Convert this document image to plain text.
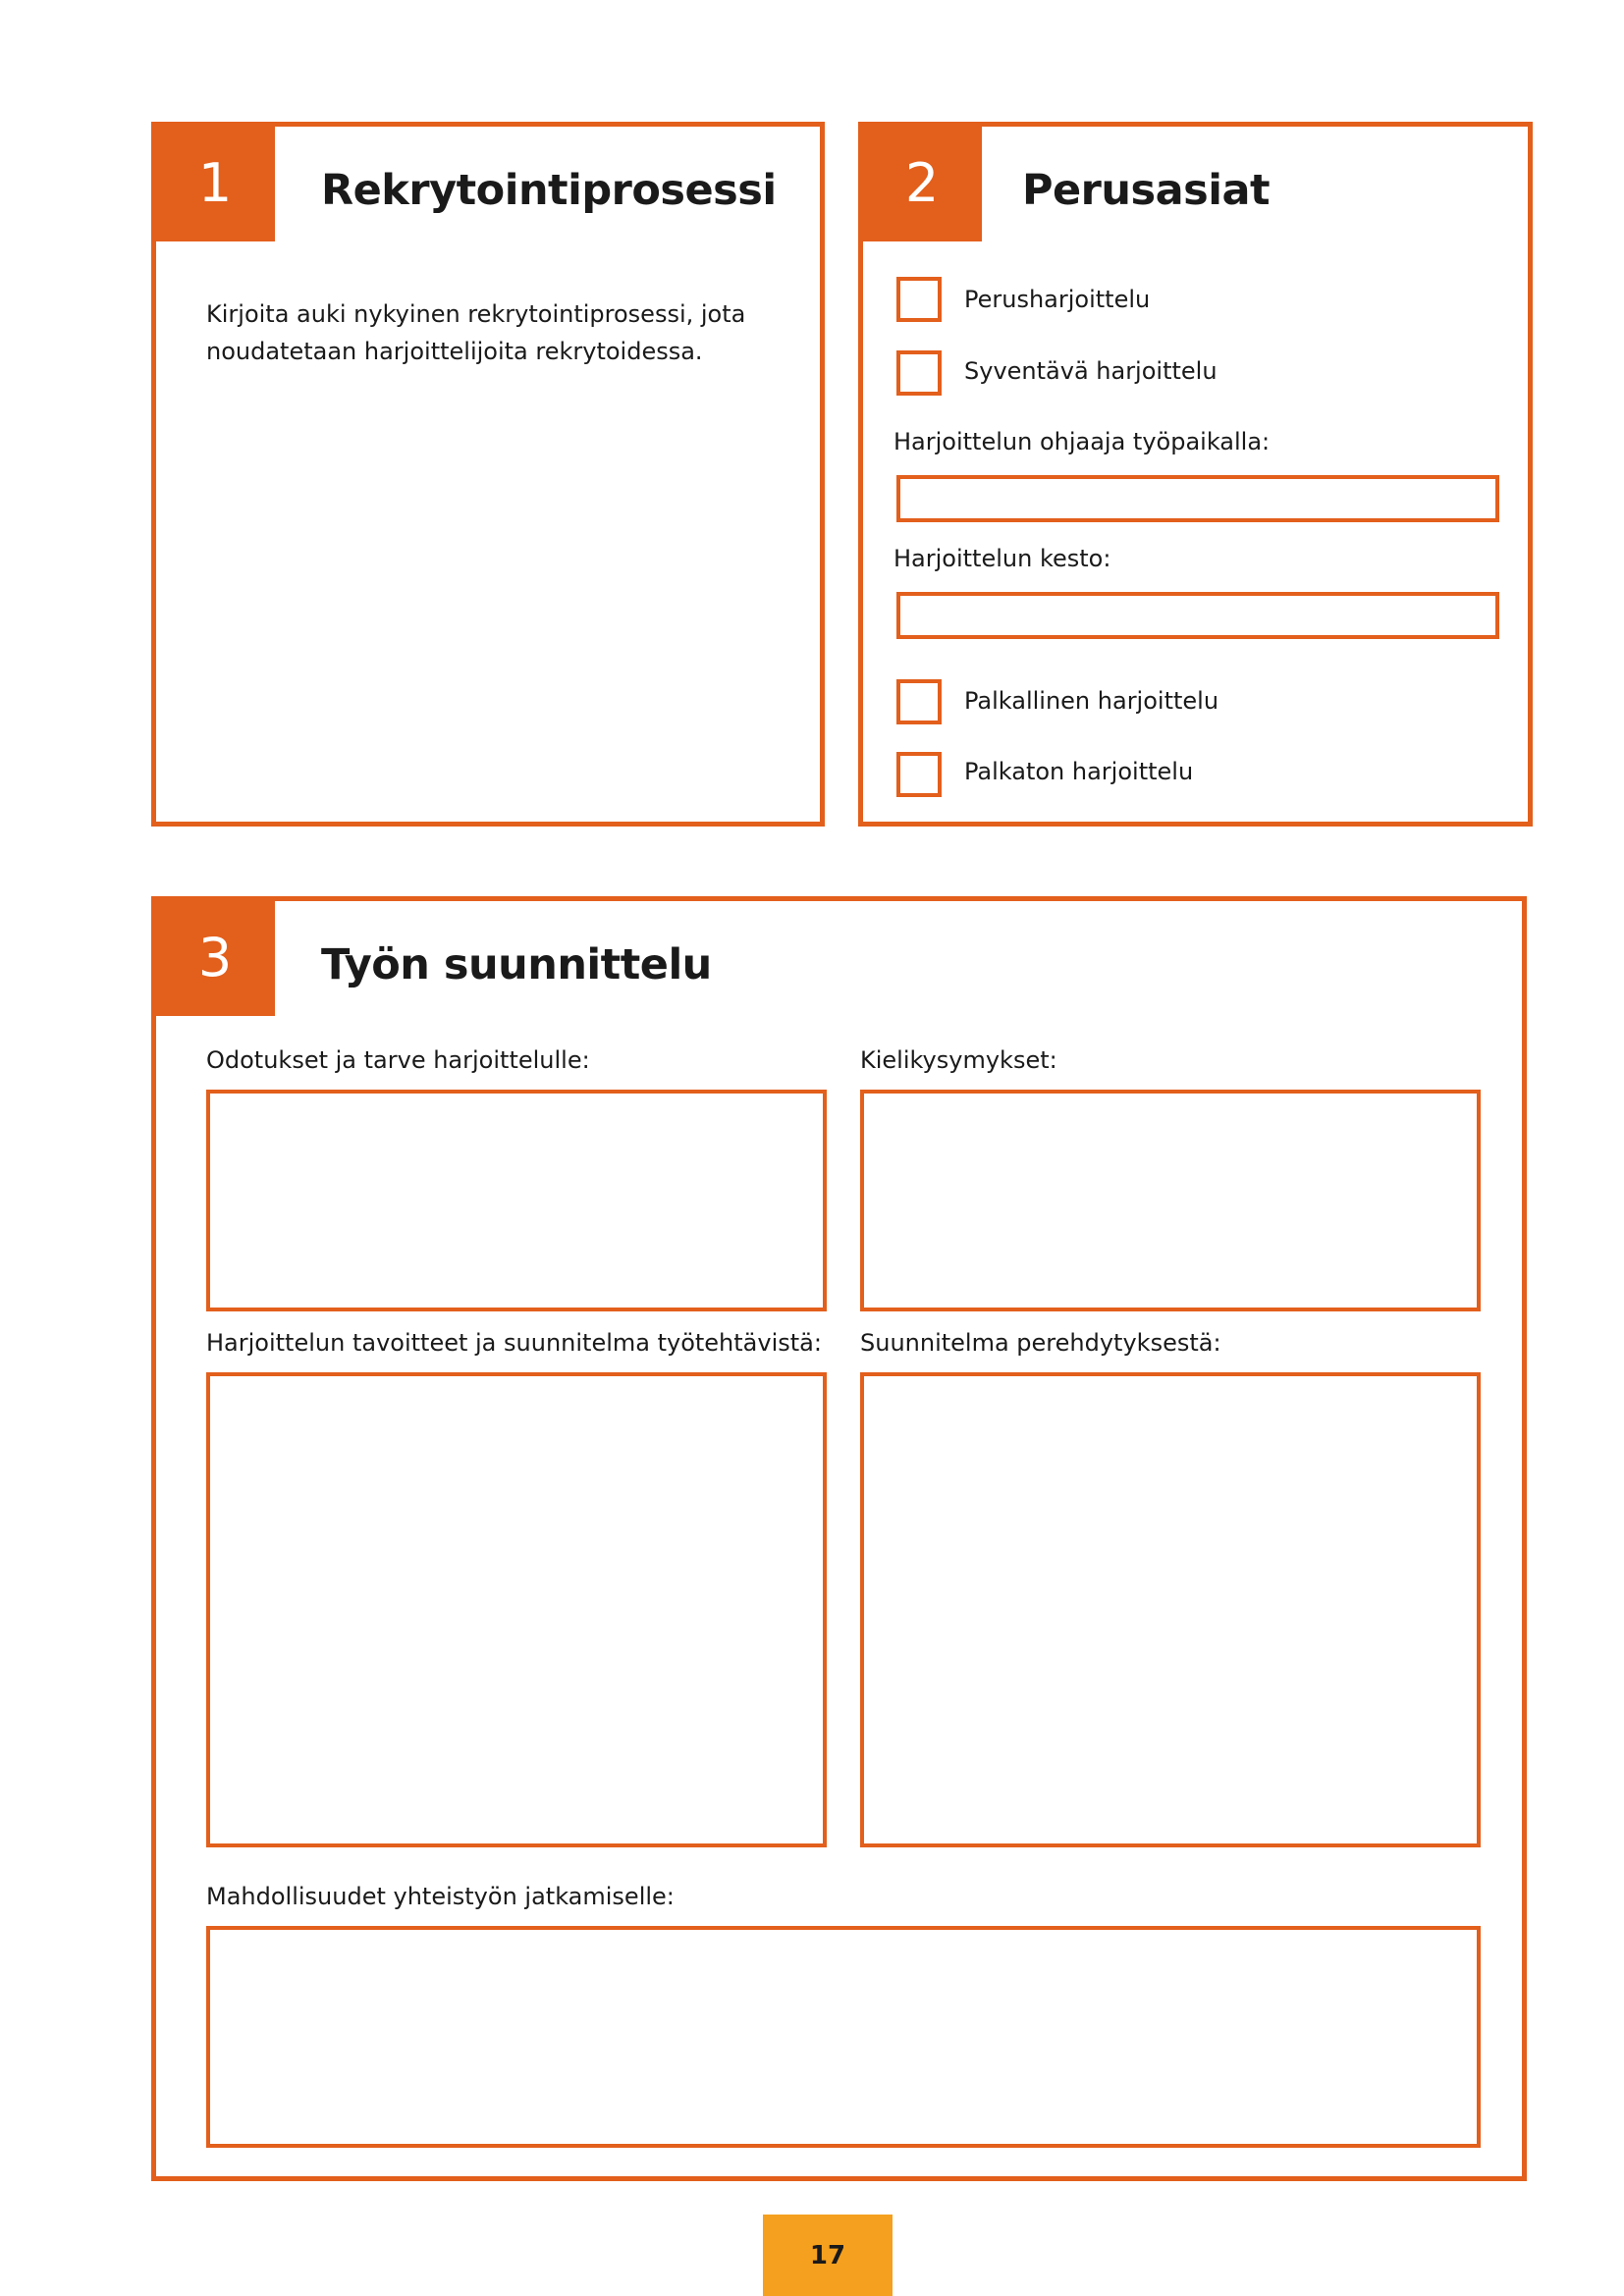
1	Rekrytointiprosessi
Kirjoita auki nykyinen rekrytointiprosessi, jota
noudatetaan harjoittelijoita rekrytoidessa.
2	Perusasiat
Perusharjoittelu
Syventävä harjoittelu
Harjoittelun ohjaaja työpaikalla:
Harjoittelun kesto:
Palkallinen harjoittelu
Palkaton harjoittelu
3	Työn suunnittelu
Odotukset ja tarve harjoittelulle:	Kielikysymykset:
Harjoittelun tavoitteet ja suunnitelma työtehtävistä: Suunnitelma perehdytyksestä:
Mahdollisuudet yhteistyön jatkamiselle:
17
